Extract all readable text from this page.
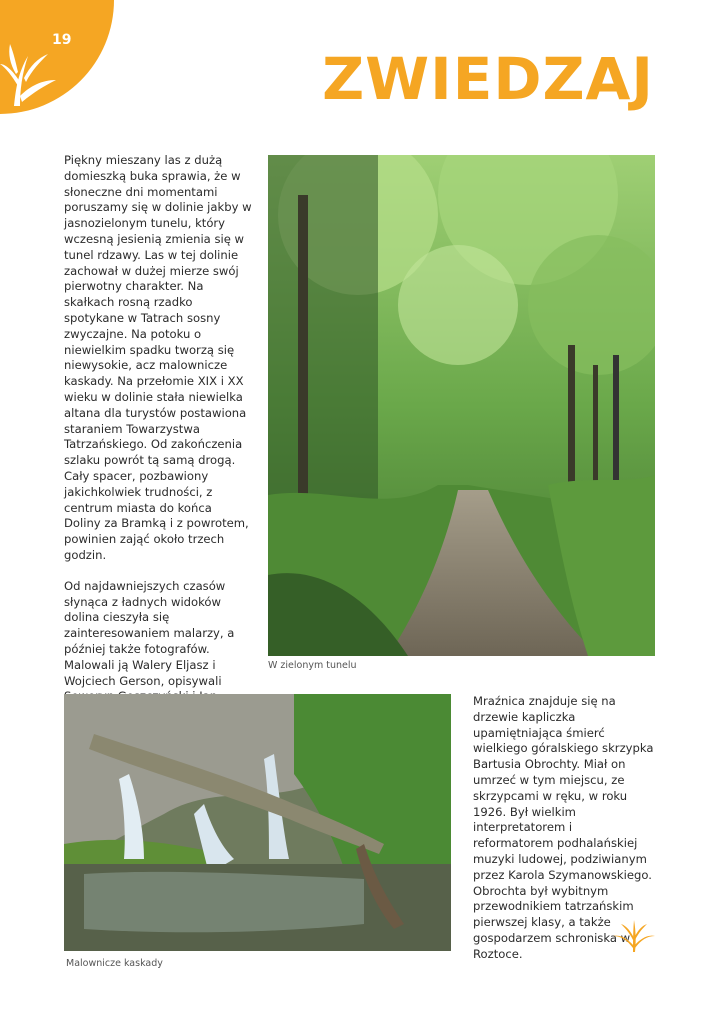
19
ZWIEDZAJ

Piękny mieszany las z dużą domieszką buka sprawia, że w słoneczne dni momentami poruszamy się w dolinie jakby w jasnozielonym tunelu, który wczesną jesienią zmienia się w tunel rdzawy. Las w tej dolinie zachował w dużej mierze swój pierwotny charakter. Na skałkach rosną rzadko spotykane w Tatrach sosny zwyczajne. Na potoku o niewielkim spadku tworzą się niewysokie, acz malownicze kaskady. Na przełomie XIX i XX wieku w dolinie stała niewielka altana dla turystów postawiona staraniem Towarzystwa Tatrzańskiego. Od zakończenia szlaku powrót tą samą drogą. Cały spacer, pozbawiony jakichkolwiek trudności, z centrum miasta do końca Doliny za Bramką i z powrotem, powinien zająć około trzech godzin.

Od najdawniejszych czasów słynąca z ładnych widoków dolina cieszyła się zainteresowaniem malarzy, a później także fotografów. Malowali ją Walery Eljasz i Wojciech Gerson, opisywali

W zielonym tunelu
Malownicze kaskady

Mraźnica znajduje się na drzewie kapliczka upamiętniająca śmierć wielkiego góralskiego skrzypka Bartusia Obrochty. Miał on umrzeć w tym miejscu, ze skrzypcami w ręku, w roku 1926. Był wielkim interpretatorem i reformatorem podhalańskiej muzyki ludowej, podziwianym przez Karola Szymanowskiego. Obrochta był wybitnym przewodnikiem tatrzańskim pierwszej klasy, a także gospodarzem schroniska w Roztoce.
